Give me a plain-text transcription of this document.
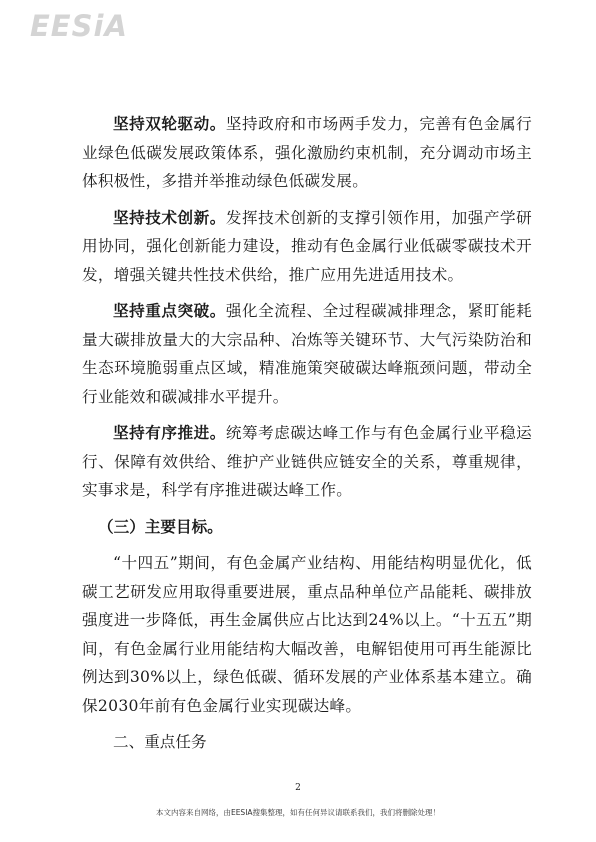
EESiA

坚持双轮驱动。坚持政府和市场两手发力，完善有色金属行业绿色低碳发展政策体系，强化激励约束机制，充分调动市场主体积极性，多措并举推动绿色低碳发展。

坚持技术创新。发挥技术创新的支撑引领作用，加强产学研用协同，强化创新能力建设，推动有色金属行业低碳零碳技术开发，增强关键共性技术供给，推广应用先进适用技术。

坚持重点突破。强化全流程、全过程碳减排理念，紧盯能耗量大碳排放量大的大宗品种、冶炼等关键环节、大气污染防治和生态环境脆弱重点区域，精准施策突破碳达峰瓶颈问题，带动全行业能效和碳减排水平提升。

坚持有序推进。统筹考虑碳达峰工作与有色金属行业平稳运行、保障有效供给、维护产业链供应链安全的关系，尊重规律，实事求是，科学有序推进碳达峰工作。

（三）主要目标。

“十四五”期间，有色金属产业结构、用能结构明显优化，低碳工艺研发应用取得重要进展，重点品种单位产品能耗、碳排放强度进一步降低，再生金属供应占比达到24%以上。“十五五”期间，有色金属行业用能结构大幅改善，电解铝使用可再生能源比例达到30%以上，绿色低碳、循环发展的产业体系基本建立。确保2030年前有色金属行业实现碳达峰。

二、重点任务

2
本文内容来自网络，由EESIA搜集整理，如有任何异议请联系我们，我们将删除处理！
